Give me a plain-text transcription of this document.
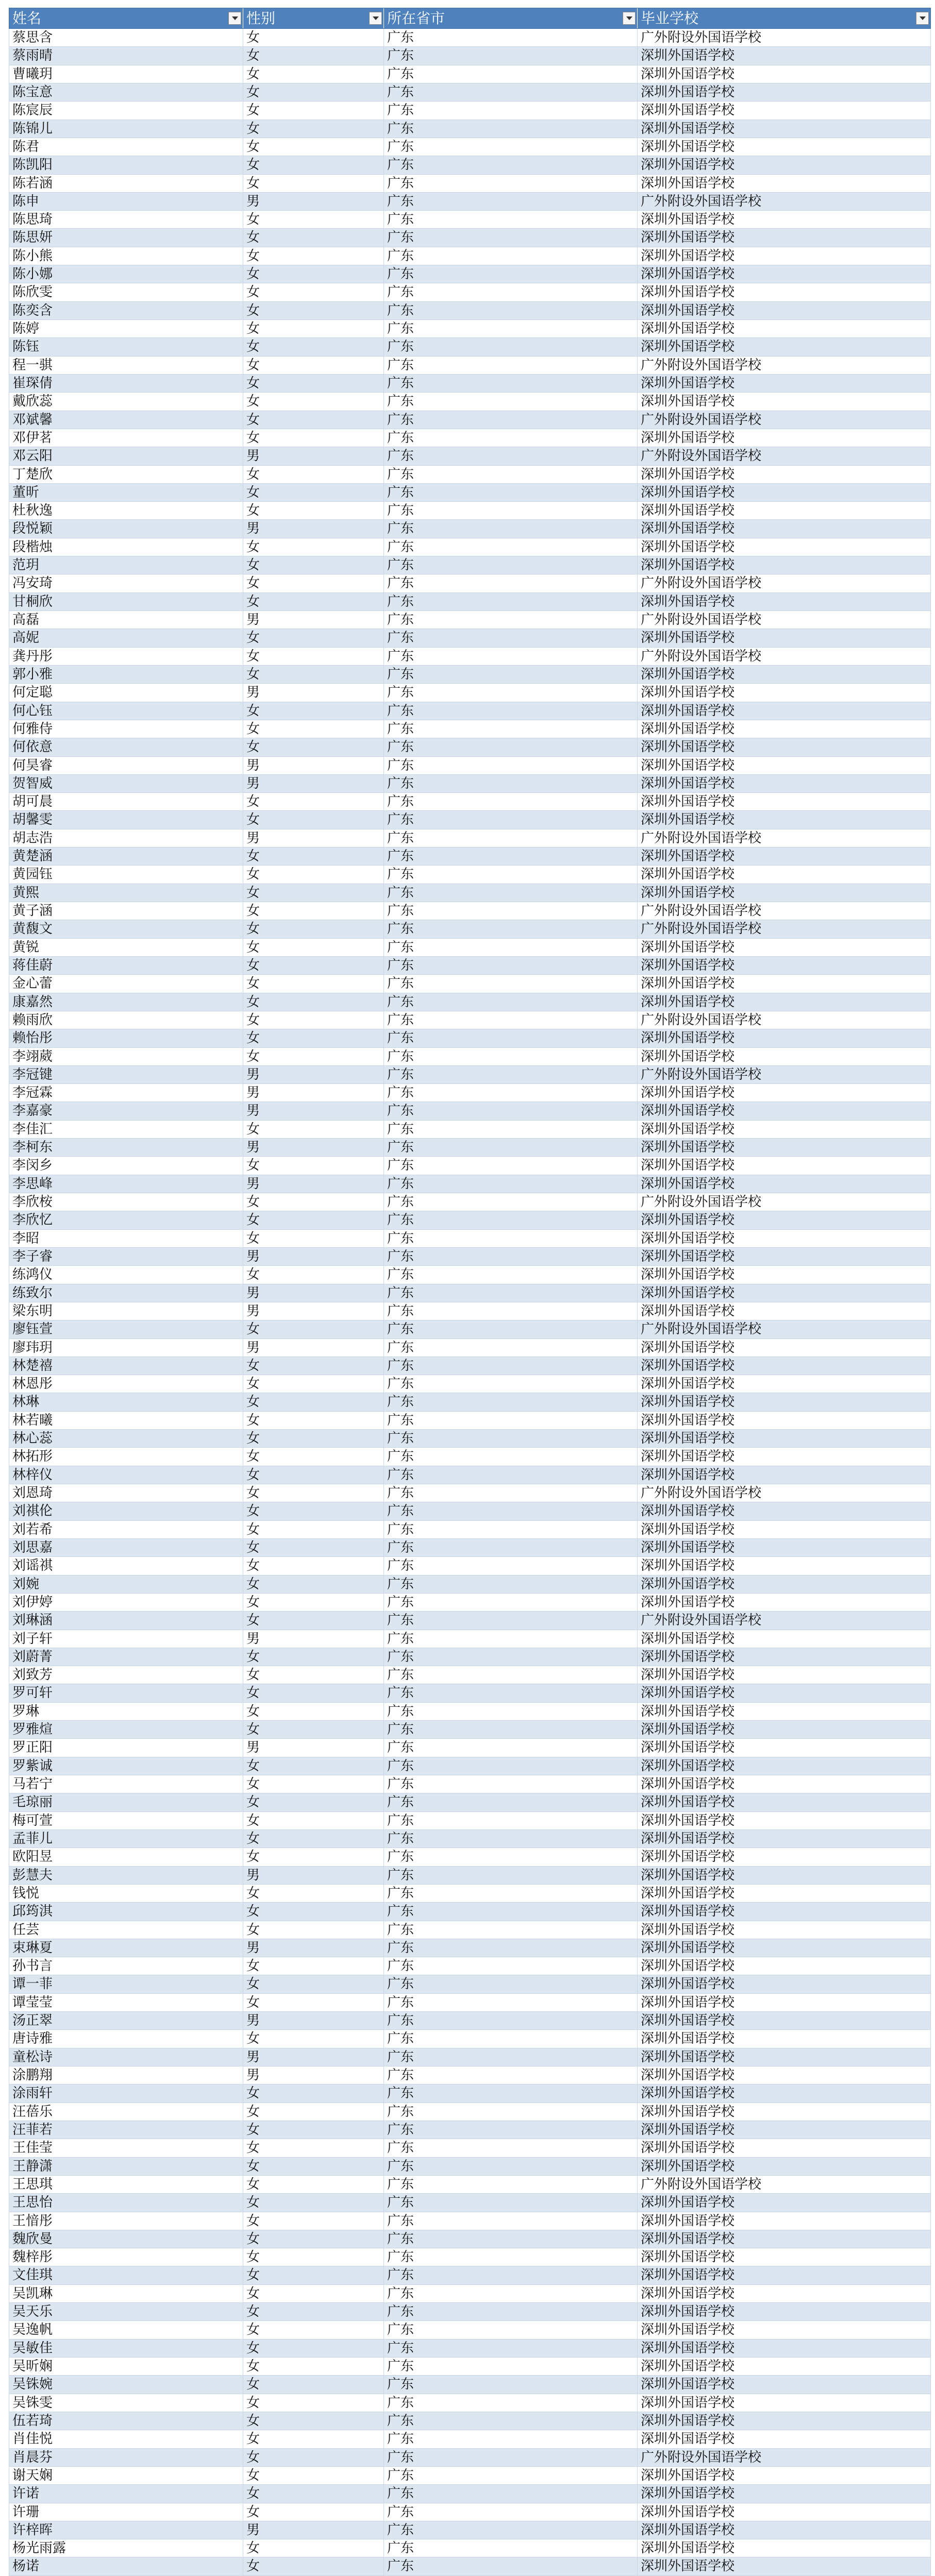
姓名	性别	所在省市	毕业学校
蔡思含	女	广东	广外附设外国语学校
蔡雨晴	女	广东	深圳外国语学校
曹曦玥	女	广东	深圳外国语学校
陈宝意	女	广东	深圳外国语学校
陈宸辰	女	广东	深圳外国语学校
陈锦儿	女	广东	深圳外国语学校
陈君	女	广东	深圳外国语学校
陈凯阳	女	广东	深圳外国语学校
陈若涵	女	广东	深圳外国语学校
陈申	男	广东	广外附设外国语学校
陈思琦	女	广东	深圳外国语学校
陈思妍	女	广东	深圳外国语学校
陈小熊	女	广东	深圳外国语学校
陈小娜	女	广东	深圳外国语学校
陈欣雯	女	广东	深圳外国语学校
陈奕含	女	广东	深圳外国语学校
陈婷	女	广东	深圳外国语学校
陈钰	女	广东	深圳外国语学校
程一骐	女	广东	广外附设外国语学校
崔琛倩	女	广东	深圳外国语学校
戴欣蕊	女	广东	深圳外国语学校
邓斌馨	女	广东	广外附设外国语学校
邓伊茗	女	广东	深圳外国语学校
邓云阳	男	广东	广外附设外国语学校
丁楚欣	女	广东	深圳外国语学校
董昕	女	广东	深圳外国语学校
杜秋逸	女	广东	深圳外国语学校
段悦颖	男	广东	深圳外国语学校
段楷烛	女	广东	深圳外国语学校
范玥	女	广东	深圳外国语学校
冯安琦	女	广东	广外附设外国语学校
甘桐欣	女	广东	深圳外国语学校
高磊	男	广东	广外附设外国语学校
高妮	女	广东	深圳外国语学校
龚丹彤	女	广东	广外附设外国语学校
郭小雅	女	广东	深圳外国语学校
何定聪	男	广东	深圳外国语学校
何心钰	女	广东	深圳外国语学校
何雅侍	女	广东	深圳外国语学校
何依意	女	广东	深圳外国语学校
何昊睿	男	广东	深圳外国语学校
贺智威	男	广东	深圳外国语学校
胡可晨	女	广东	深圳外国语学校
胡馨雯	女	广东	深圳外国语学校
胡志浩	男	广东	广外附设外国语学校
黄楚涵	女	广东	深圳外国语学校
黄园钰	女	广东	深圳外国语学校
黄熙	女	广东	深圳外国语学校
黄子涵	女	广东	广外附设外国语学校
黄馥文	女	广东	广外附设外国语学校
黄锐	女	广东	深圳外国语学校
蒋佳蔚	女	广东	深圳外国语学校
金心蕾	女	广东	深圳外国语学校
康嘉然	女	广东	深圳外国语学校
赖雨欣	女	广东	广外附设外国语学校
赖怡彤	女	广东	深圳外国语学校
李翊葳	女	广东	深圳外国语学校
李冠键	男	广东	广外附设外国语学校
李冠霖	男	广东	深圳外国语学校
李嘉豪	男	广东	深圳外国语学校
李佳汇	女	广东	深圳外国语学校
李柯东	男	广东	深圳外国语学校
李闵乡	女	广东	深圳外国语学校
李思峰	男	广东	深圳外国语学校
李欣桉	女	广东	广外附设外国语学校
李欣忆	女	广东	深圳外国语学校
李昭	女	广东	深圳外国语学校
李子睿	男	广东	深圳外国语学校
练鸿仪	女	广东	深圳外国语学校
练致尔	男	广东	深圳外国语学校
梁东明	男	广东	深圳外国语学校
廖钰萱	女	广东	广外附设外国语学校
廖玮玥	男	广东	深圳外国语学校
林楚禧	女	广东	深圳外国语学校
林恩彤	女	广东	深圳外国语学校
林琳	女	广东	深圳外国语学校
林若曦	女	广东	深圳外国语学校
林心蕊	女	广东	深圳外国语学校
林拓形	女	广东	深圳外国语学校
林梓仪	女	广东	深圳外国语学校
刘恩琦	女	广东	广外附设外国语学校
刘祺伦	女	广东	深圳外国语学校
刘若希	女	广东	深圳外国语学校
刘思嘉	女	广东	深圳外国语学校
刘谣祺	女	广东	深圳外国语学校
刘婉	女	广东	深圳外国语学校
刘伊婷	女	广东	深圳外国语学校
刘琳涵	女	广东	广外附设外国语学校
刘子轩	男	广东	深圳外国语学校
刘蔚菁	女	广东	深圳外国语学校
刘致芳	女	广东	深圳外国语学校
罗可轩	女	广东	深圳外国语学校
罗琳	女	广东	深圳外国语学校
罗雅煊	女	广东	深圳外国语学校
罗正阳	男	广东	深圳外国语学校
罗紫诚	女	广东	深圳外国语学校
马若宁	女	广东	深圳外国语学校
毛琼丽	女	广东	深圳外国语学校
梅可萱	女	广东	深圳外国语学校
孟菲儿	女	广东	深圳外国语学校
欧阳昱	女	广东	深圳外国语学校
彭慧夫	男	广东	深圳外国语学校
钱悦	女	广东	深圳外国语学校
邱筠淇	女	广东	深圳外国语学校
任芸	女	广东	深圳外国语学校
束琳夏	男	广东	深圳外国语学校
孙书言	女	广东	深圳外国语学校
谭一菲	女	广东	深圳外国语学校
谭莹莹	女	广东	深圳外国语学校
汤正翠	男	广东	深圳外国语学校
唐诗雅	女	广东	深圳外国语学校
童松诗	男	广东	深圳外国语学校
涂鹏翔	男	广东	深圳外国语学校
涂雨轩	女	广东	深圳外国语学校
汪蓓乐	女	广东	深圳外国语学校
汪菲若	女	广东	深圳外国语学校
王佳莹	女	广东	深圳外国语学校
王静潇	女	广东	深圳外国语学校
王思琪	女	广东	广外附设外国语学校
王思怡	女	广东	深圳外国语学校
王愔彤	女	广东	深圳外国语学校
魏欣曼	女	广东	深圳外国语学校
魏梓彤	女	广东	深圳外国语学校
文佳琪	女	广东	深圳外国语学校
吴凯琳	女	广东	深圳外国语学校
吴天乐	女	广东	深圳外国语学校
吴逸帆	女	广东	深圳外国语学校
吴敏佳	女	广东	深圳外国语学校
吴昕娴	女	广东	深圳外国语学校
吴铢婉	女	广东	深圳外国语学校
吴铢雯	女	广东	深圳外国语学校
伍若琦	女	广东	深圳外国语学校
肖佳悦	女	广东	深圳外国语学校
肖晨芬	女	广东	广外附设外国语学校
谢天娴	女	广东	深圳外国语学校
许诺	女	广东	深圳外国语学校
许珊	女	广东	深圳外国语学校
许梓晖	男	广东	深圳外国语学校
杨光雨露	女	广东	深圳外国语学校
杨诺	女	广东	深圳外国语学校
